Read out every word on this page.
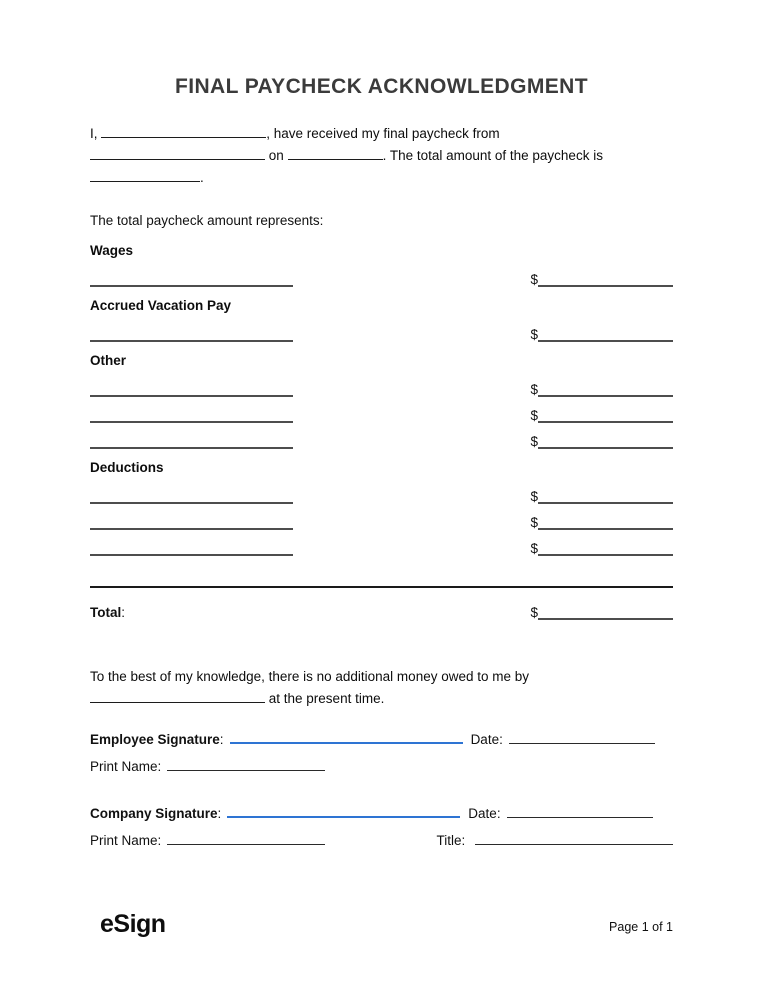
FINAL PAYCHECK ACKNOWLEDGMENT

I,	, have received my final paycheck from
on	. The total amount of the paycheck is
.

The total paycheck amount represents:
Wages
$
Accrued Vacation Pay
$
Other
$
$
$
Deductions
$
$
$
Total:	$

To the best of my knowledge, there is no additional money owed to me by
at the present time.

Employee Signature:	Date:
Print Name:
Company Signature:	Date:
Print Name:	Title:
eSign	Page 1 of 1
